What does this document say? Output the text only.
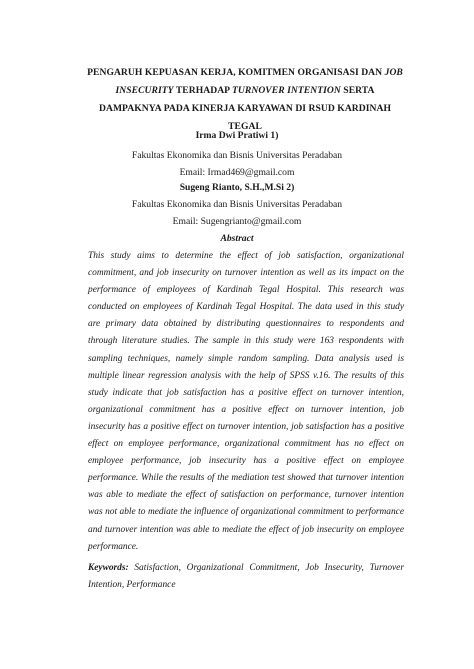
PENGARUH KEPUASAN KERJA, KOMITMEN ORGANISASI DAN JOB INSECURITY TERHADAP TURNOVER INTENTION SERTA DAMPAKNYA PADA KINERJA KARYAWAN DI RSUD KARDINAH TEGAL

Irma Dwi Pratiwi 1)

Fakultas Ekonomika dan Bisnis Universitas Peradaban

Email: Irmad469@gmail.com

Sugeng Rianto, S.H.,M.Si 2)

Fakultas Ekonomika dan Bisnis Universitas Peradaban

Email: Sugengrianto@gmail.com

Abstract

This study aims to determine the effect of job satisfaction, organizational commitment, and job insecurity on turnover intention as well as its impact on the performance of employees of Kardinah Tegal Hospital. This research was conducted on employees of Kardinah Tegal Hospital. The data used in this study are primary data obtained by distributing questionnaires to respondents and through literature studies. The sample in this study were 163 respondents with sampling techniques, namely simple random sampling. Data analysis used is multiple linear regression analysis with the help of SPSS v.16. The results of this study indicate that job satisfaction has a positive effect on turnover intention, organizational commitment has a positive effect on turnover intention, job insecurity has a positive effect on turnover intention, job satisfaction has a positive effect on employee performance, organizational commitment has no effect on employee performance, job insecurity has a positive effect on employee performance. While the results of the mediation test showed that turnover intention was able to mediate the effect of satisfaction on performance, turnover intention was not able to mediate the influence of organizational commitment to performance and turnover intention was able to mediate the effect of job insecurity on employee performance.

Keywords: Satisfaction, Organizational Commitment, Job Insecurity, Turnover Intention, Performance
